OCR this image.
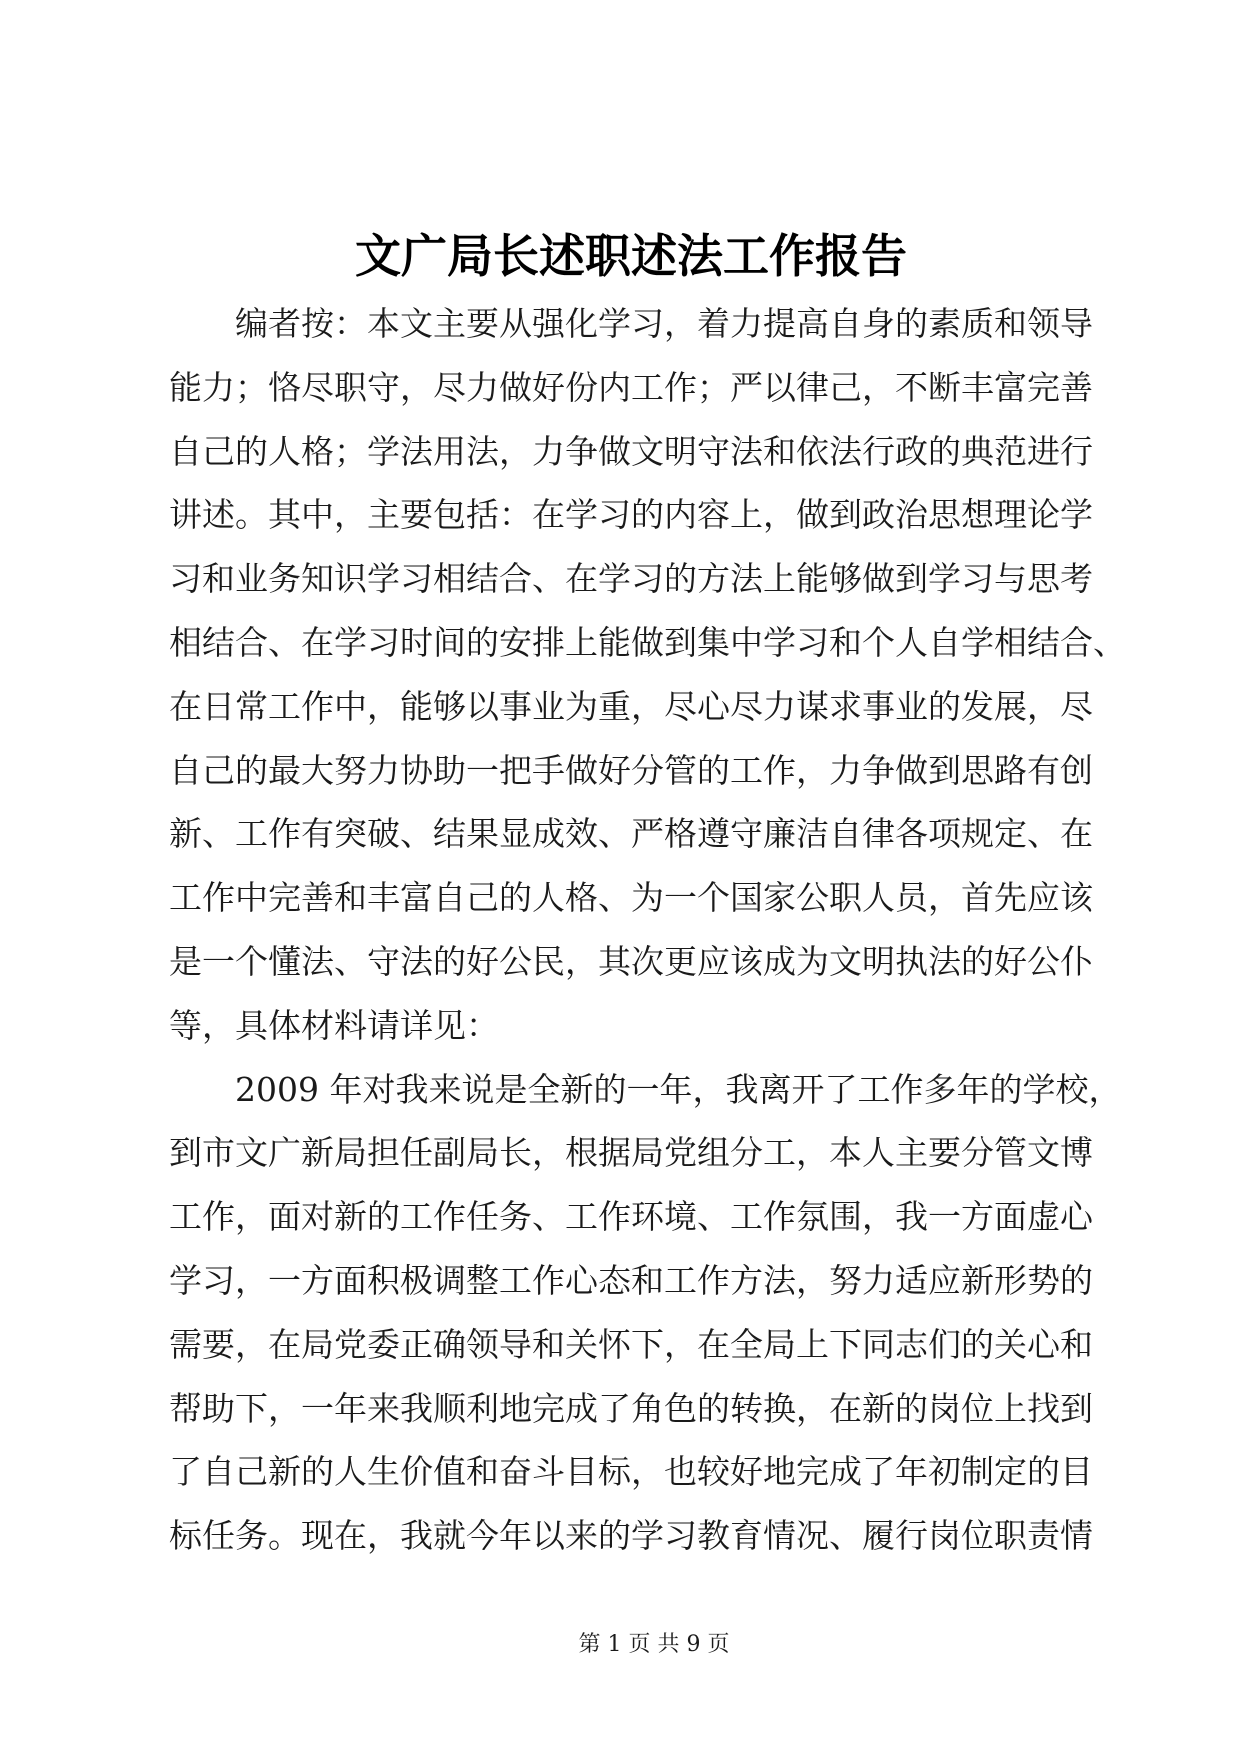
文广局长述职述法工作报告
编者按：本文主要从强化学习，着力提高自身的素质和领导
能力；恪尽职守，尽力做好份内工作；严以律己，不断丰富完善
自己的人格；学法用法，力争做文明守法和依法行政的典范进行
讲述。其中，主要包括：在学习的内容上，做到政治思想理论学
习和业务知识学习相结合、在学习的方法上能够做到学习与思考
相结合、在学习时间的安排上能做到集中学习和个人自学相结合、
在日常工作中，能够以事业为重，尽心尽力谋求事业的发展，尽
自己的最大努力协助一把手做好分管的工作，力争做到思路有创
新、工作有突破、结果显成效、严格遵守廉洁自律各项规定、在
工作中完善和丰富自己的人格、为一个国家公职人员，首先应该
是一个懂法、守法的好公民，其次更应该成为文明执法的好公仆
等，具体材料请详见：
2009 年对我来说是全新的一年，我离开了工作多年的学校，
到市文广新局担任副局长，根据局党组分工，本人主要分管文博
工作，面对新的工作任务、工作环境、工作氛围，我一方面虚心
学习，一方面积极调整工作心态和工作方法，努力适应新形势的
需要，在局党委正确领导和关怀下，在全局上下同志们的关心和
帮助下，一年来我顺利地完成了角色的转换，在新的岗位上找到
了自己新的人生价值和奋斗目标，也较好地完成了年初制定的目
标任务。现在，我就今年以来的学习教育情况、履行岗位职责情
第 1 页 共 9 页
